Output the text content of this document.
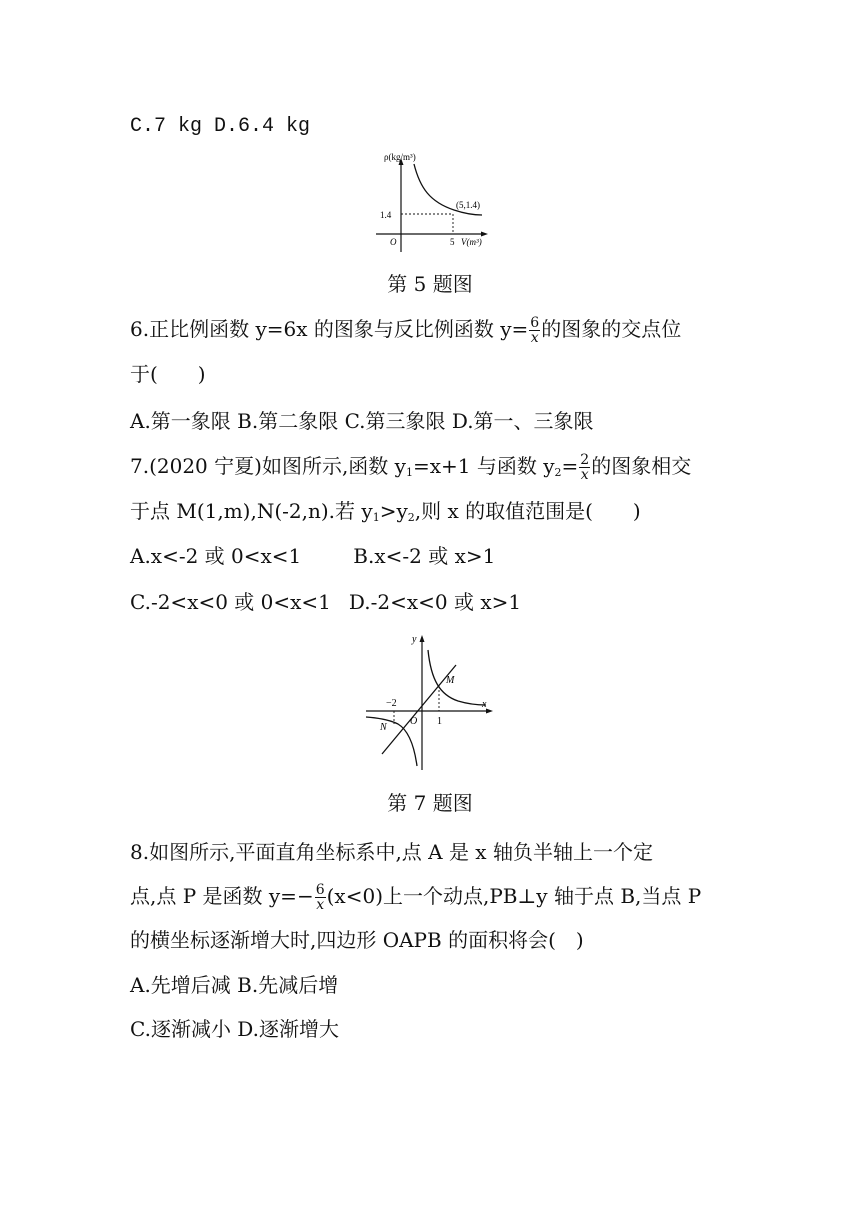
C.7 kg D.6.4 kg
ρ(kg/m³)
1.4
O	5 V(m³)
(5,1.4)
第 5 题图
6.正比例函数 y=6x 的图象与反比例函数 $y= \frac{6}{x}$ 的图象的交点位
于(　　)
A.第一象限 B.第二象限 C.第三象限 D.第一、三象限
7.(2020 宁夏)如图所示,函数 $y_1=x+1$ 与函数 $y_2= \frac{2}{x}$ 的图象相交
于点 M(1,m),N(-2,n).若 $y_1>y_2$,则 x 的取值范围是(　　)
A.x<-2 或 0<x<1	B.x<-2 或 x>1
C.-2<x<0 或 0<x<1 D.-2<x<0 或 x>1
y
x
O
−2
1
M
N
第 7 题图
8.如图所示,平面直角坐标系中,点 A 是 x 轴负半轴上一个定
点,点 P 是函数 $y=- \frac{6}{x} (x<0)$上一个动点,PB⊥y 轴于点 B,当点 P
的横坐标逐渐增大时,四边形 OAPB 的面积将会(　)
A.先增后减 B.先减后增
C.逐渐减小 D.逐渐增大
